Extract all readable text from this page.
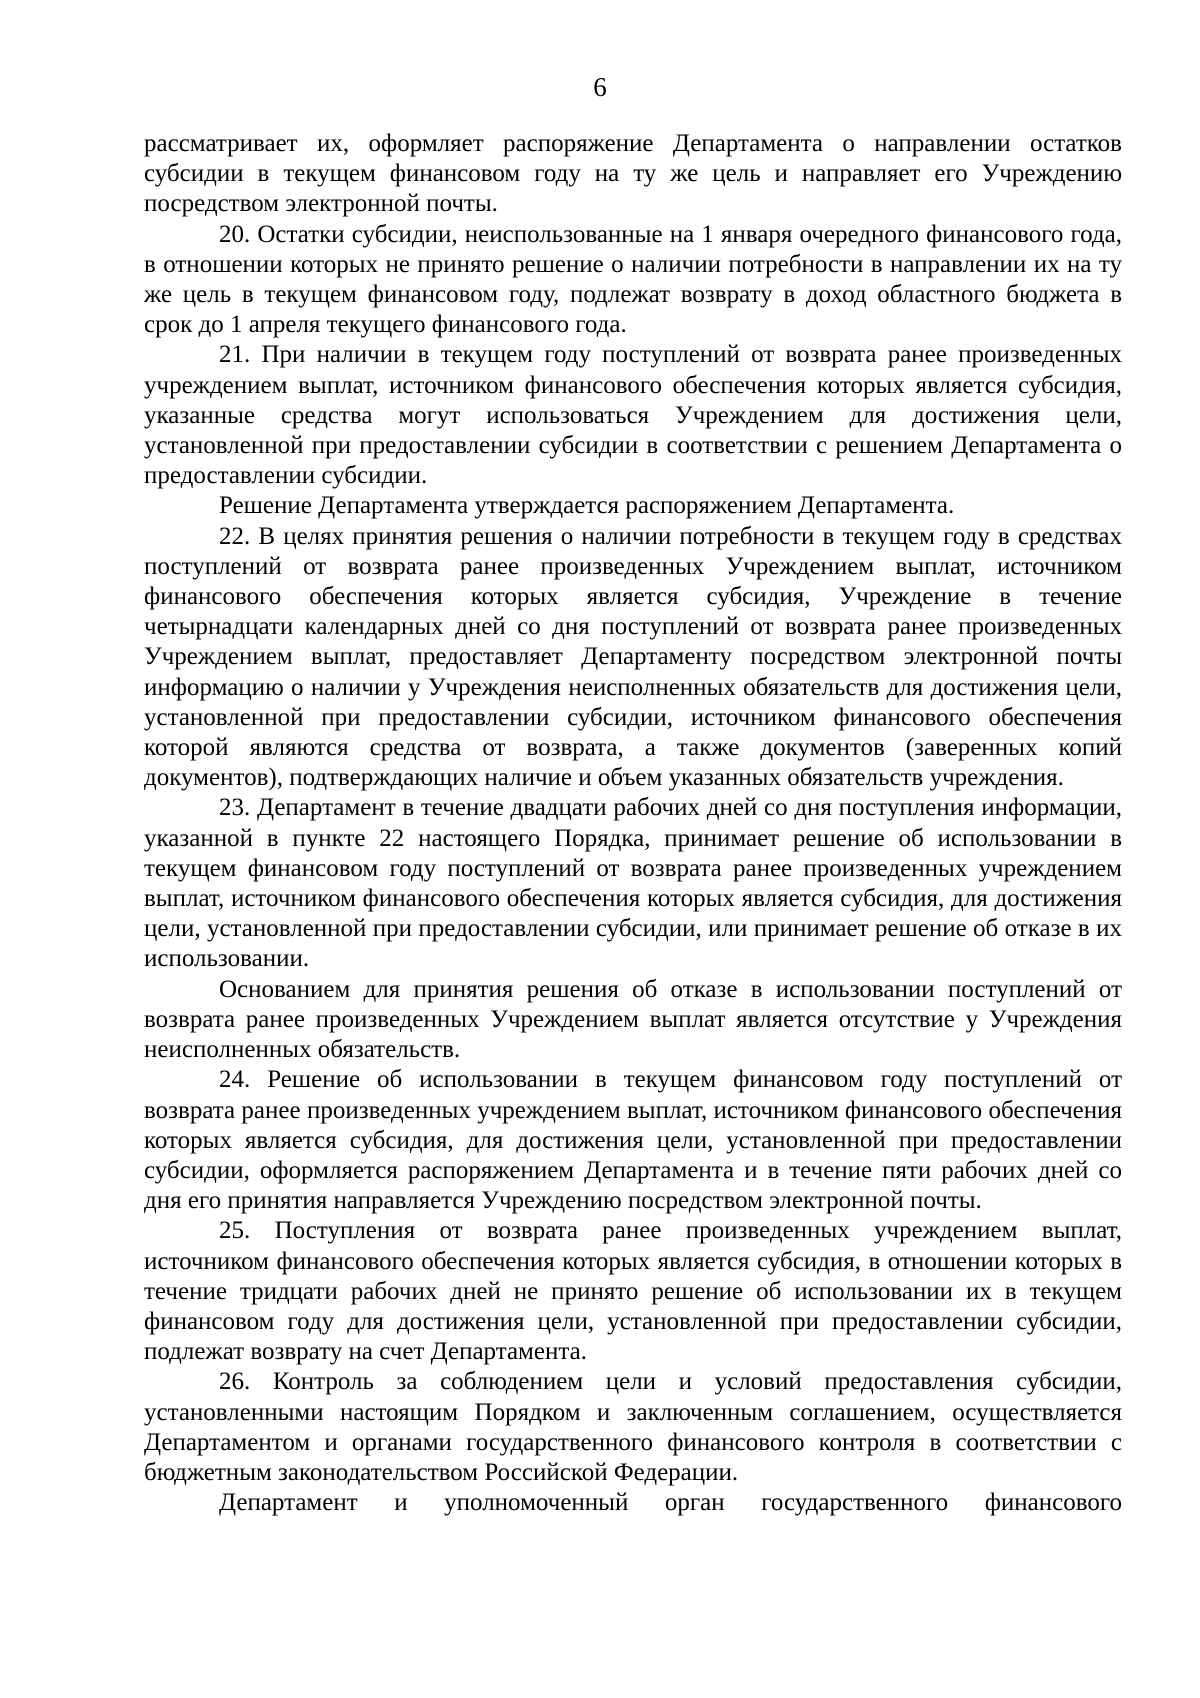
6

рассматривает их, оформляет распоряжение Департамента о направлении остатков субсидии в текущем финансовом году на ту же цель и направляет его Учреждению посредством электронной почты.

20. Остатки субсидии, неиспользованные на 1 января очередного финансового года, в отношении которых не принято решение о наличии потребности в направлении их на ту же цель в текущем финансовом году, подлежат возврату в доход областного бюджета в срок до 1 апреля текущего финансового года.

21. При наличии в текущем году поступлений от возврата ранее произведенных учреждением выплат, источником финансового обеспечения которых является субсидия, указанные средства могут использоваться Учреждением для достижения цели, установленной при предоставлении субсидии в соответствии с решением Департамента о предоставлении субсидии.

Решение Департамента утверждается распоряжением Департамента.

22. В целях принятия решения о наличии потребности в текущем году в средствах поступлений от возврата ранее произведенных Учреждением выплат, источником финансового обеспечения которых является субсидия, Учреждение в течение четырнадцати календарных дней со дня поступлений от возврата ранее произведенных Учреждением выплат, предоставляет Департаменту посредством электронной почты информацию о наличии у Учреждения неисполненных обязательств для достижения цели, установленной при предоставлении субсидии, источником финансового обеспечения которой являются средства от возврата, а также документов (заверенных копий документов), подтверждающих наличие и объем указанных обязательств учреждения.

23. Департамент в течение двадцати рабочих дней со дня поступления информации, указанной в пункте 22 настоящего Порядка, принимает решение об использовании в текущем финансовом году поступлений от возврата ранее произведенных учреждением выплат, источником финансового обеспечения которых является субсидия, для достижения цели, установленной при предоставлении субсидии, или принимает решение об отказе в их использовании.

Основанием для принятия решения об отказе в использовании поступлений от возврата ранее произведенных Учреждением выплат является отсутствие у Учреждения неисполненных обязательств.

24. Решение об использовании в текущем финансовом году поступлений от возврата ранее произведенных учреждением выплат, источником финансового обеспечения которых является субсидия, для достижения цели, установленной при предоставлении субсидии, оформляется распоряжением Департамента и в течение пяти рабочих дней со дня его принятия направляется Учреждению посредством электронной почты.

25. Поступления от возврата ранее произведенных учреждением выплат, источником финансового обеспечения которых является субсидия, в отношении которых в течение тридцати рабочих дней не принято решение об использовании их в текущем финансовом году для достижения цели, установленной при предоставлении субсидии, подлежат возврату на счет Департамента.

26. Контроль за соблюдением цели и условий предоставления субсидии, установленными настоящим Порядком и заключенным соглашением, осуществляется Департаментом и органами государственного финансового контроля в соответствии с бюджетным законодательством Российской Федерации.

Департамент и уполномоченный орган государственного финансового
